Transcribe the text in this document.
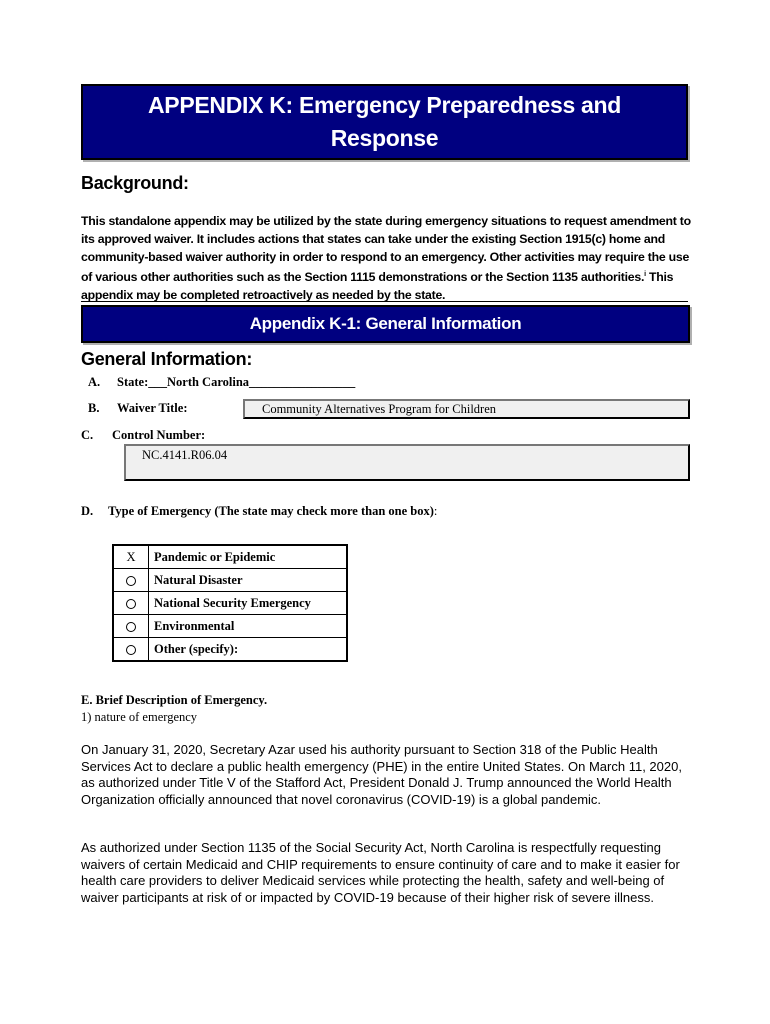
APPENDIX K: Emergency Preparedness and
Response
Background:
This standalone appendix may be utilized by the state during emergency situations to request amendment to its approved waiver. It includes actions that states can take under the existing Section 1915(c) home and community-based waiver authority in order to respond to an emergency. Other activities may require the use of various other authorities such as the Section 1115 demonstrations or the Section 1135 authorities.$^i$ This appendix may be completed retroactively as needed by the state.
Appendix K-1: General Information
General Information:
A. State:___North Carolina_________________
B. Waiver Title:	Community Alternatives Program for Children
C. Control Number:
NC.4141.R06.04
D. Type of Emergency (The state may check more than one box):
X	Pandemic or Epidemic
	Natural Disaster
	National Security Emergency
	Environmental
	Other (specify):
E. Brief Description of Emergency.
1) nature of emergency
On January 31, 2020, Secretary Azar used his authority pursuant to Section 318 of the Public Health Services Act to declare a public health emergency (PHE) in the entire United States. On March 11, 2020, as authorized under Title V of the Stafford Act, President Donald J. Trump announced the World Health Organization officially announced that novel coronavirus (COVID-19) is a global pandemic.
As authorized under Section 1135 of the Social Security Act, North Carolina is respectfully requesting waivers of certain Medicaid and CHIP requirements to ensure continuity of care and to make it easier for health care providers to deliver Medicaid services while protecting the health, safety and well-being of waiver participants at risk of or impacted by COVID-19 because of their higher risk of severe illness.
